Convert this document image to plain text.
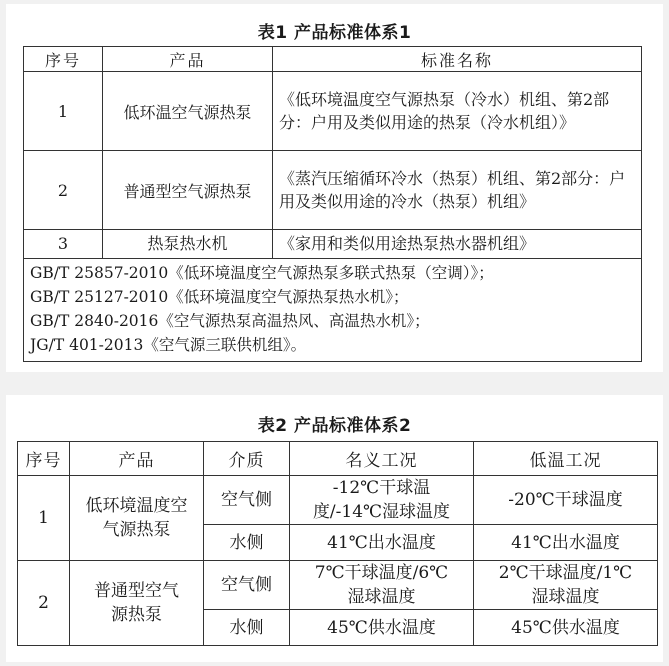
表1 产品标准体系1
序号	产品	标准名称
1	低环温空气源热泵	《低环境温度空气源热泵（冷水）机组、第2部分：户用及类似用途的热泵（冷水机组）》
2	普通型空气源热泵	《蒸汽压缩循环冷水（热泵）机组、第2部分：户用及类似用途的冷水（热泵）机组》
3	热泵热水机	《家用和类似用途热泵热水器机组》

GB/T 25857-2010《低环境温度空气源热泵多联式热泵（空调）》；
GB/T 25127-2010《低环境温度空气源热泵热水机》；
GB/T 2840-2016《空气源热泵高温热风、高温热水机》；
JG/T 401-2013《空气源三联供机组》。		
表2 产品标准体系2
序号	产品	介质	名义工况	低温工况
1	低环境温度空气源热泵	空气侧	-12℃干球温度/-14℃湿球温度	-20℃干球温度
		水侧	41℃出水温度	41℃出水温度
2	普通型空气源热泵	空气侧	7℃干球温度/6℃湿球温度	2℃干球温度/1℃湿球温度
		水侧	45℃供水温度	45℃供水温度
